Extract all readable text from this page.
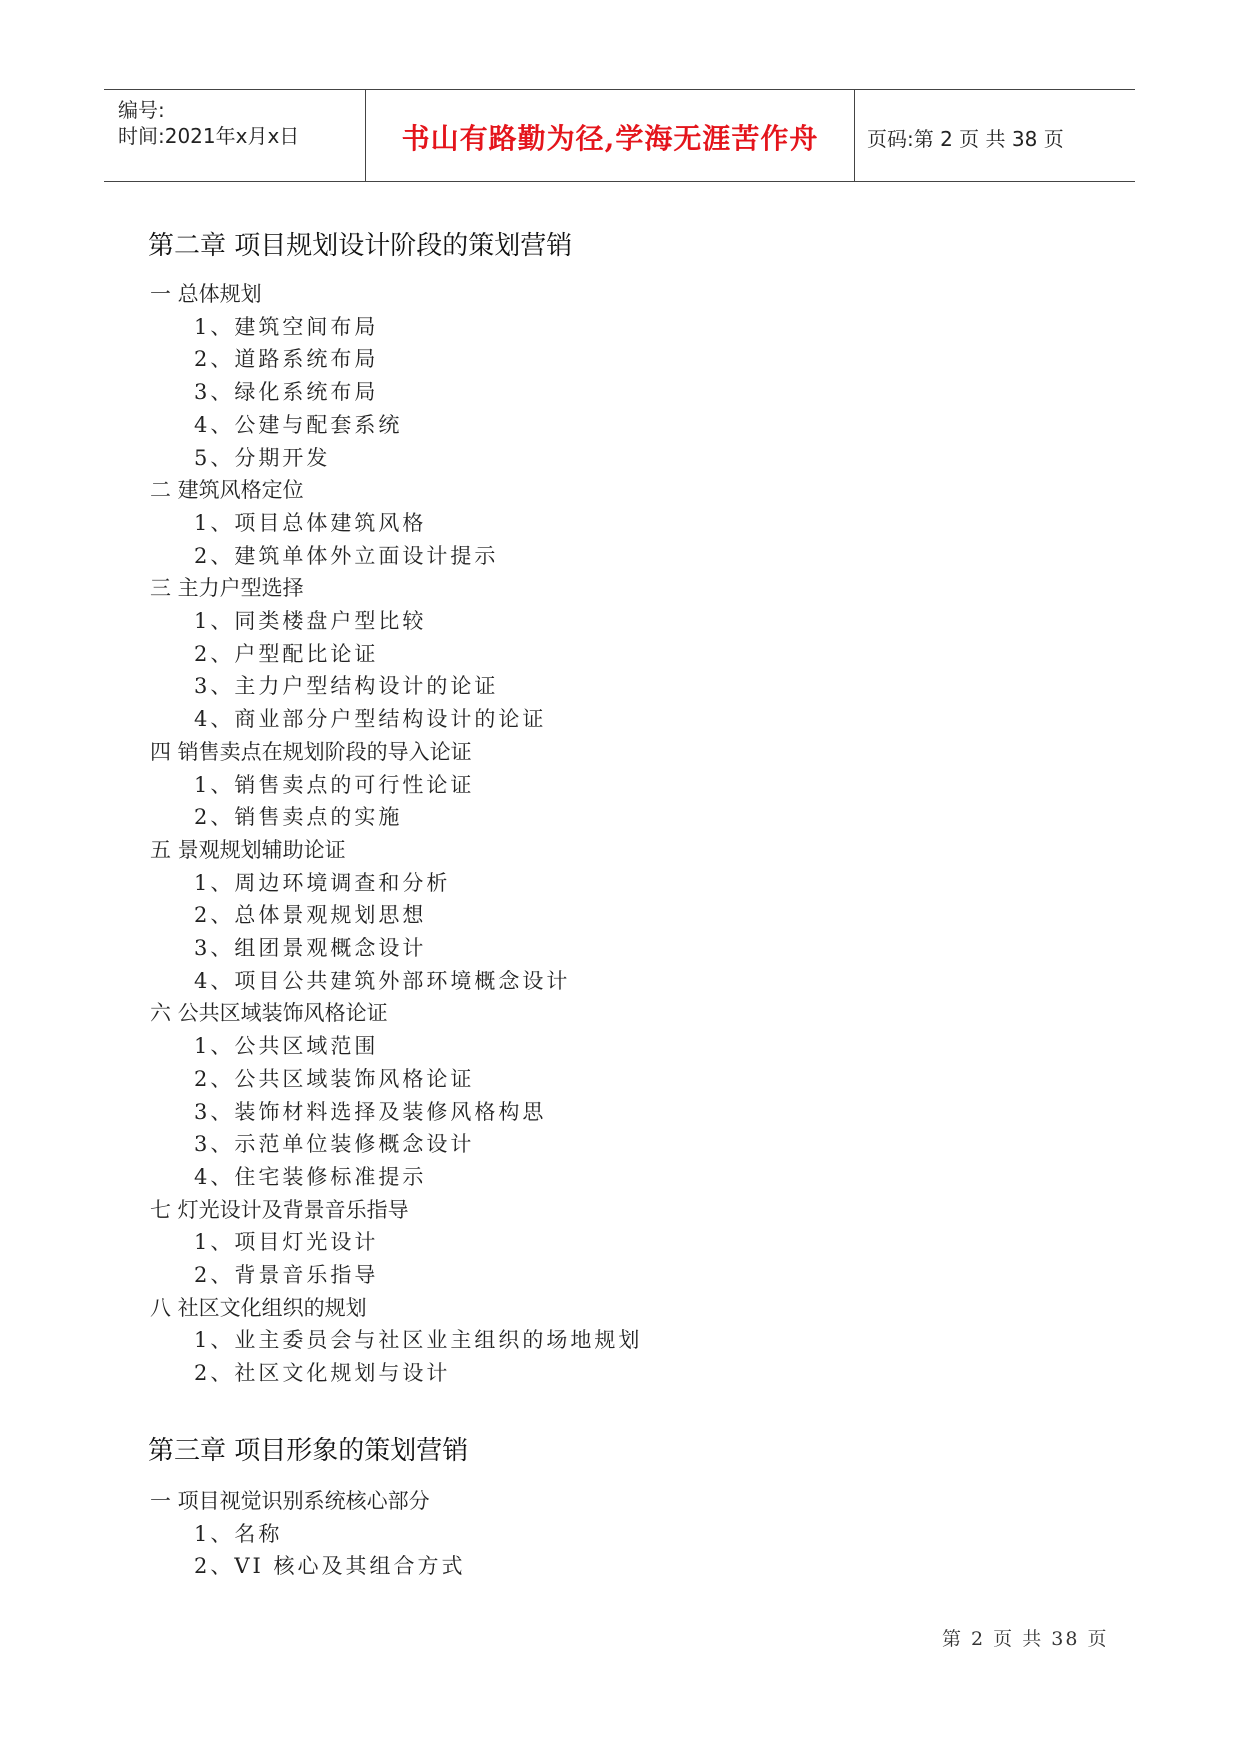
编号:
时间:2021年x月x日	书山有路勤为径,学海无涯苦作舟	页码:第 2 页 共 38 页
第二章 项目规划设计阶段的策划营销
一 总体规划
1、建筑空间布局
2、道路系统布局
3、绿化系统布局
4、公建与配套系统
5、分期开发
二 建筑风格定位
1、项目总体建筑风格
2、建筑单体外立面设计提示
三 主力户型选择
1、同类楼盘户型比较
2、户型配比论证
3、主力户型结构设计的论证
4、商业部分户型结构设计的论证
四 销售卖点在规划阶段的导入论证
1、销售卖点的可行性论证
2、销售卖点的实施
五 景观规划辅助论证
1、周边环境调查和分析
2、总体景观规划思想
3、组团景观概念设计
4、项目公共建筑外部环境概念设计
六 公共区域装饰风格论证
1、公共区域范围
2、公共区域装饰风格论证
3、装饰材料选择及装修风格构思
3、示范单位装修概念设计
4、住宅装修标准提示
七 灯光设计及背景音乐指导
1、项目灯光设计
2、背景音乐指导
八 社区文化组织的规划
1、业主委员会与社区业主组织的场地规划
2、社区文化规划与设计
第三章 项目形象的策划营销
一 项目视觉识别系统核心部分
1、名称
2、VI 核心及其组合方式
第 2 页 共 38 页
